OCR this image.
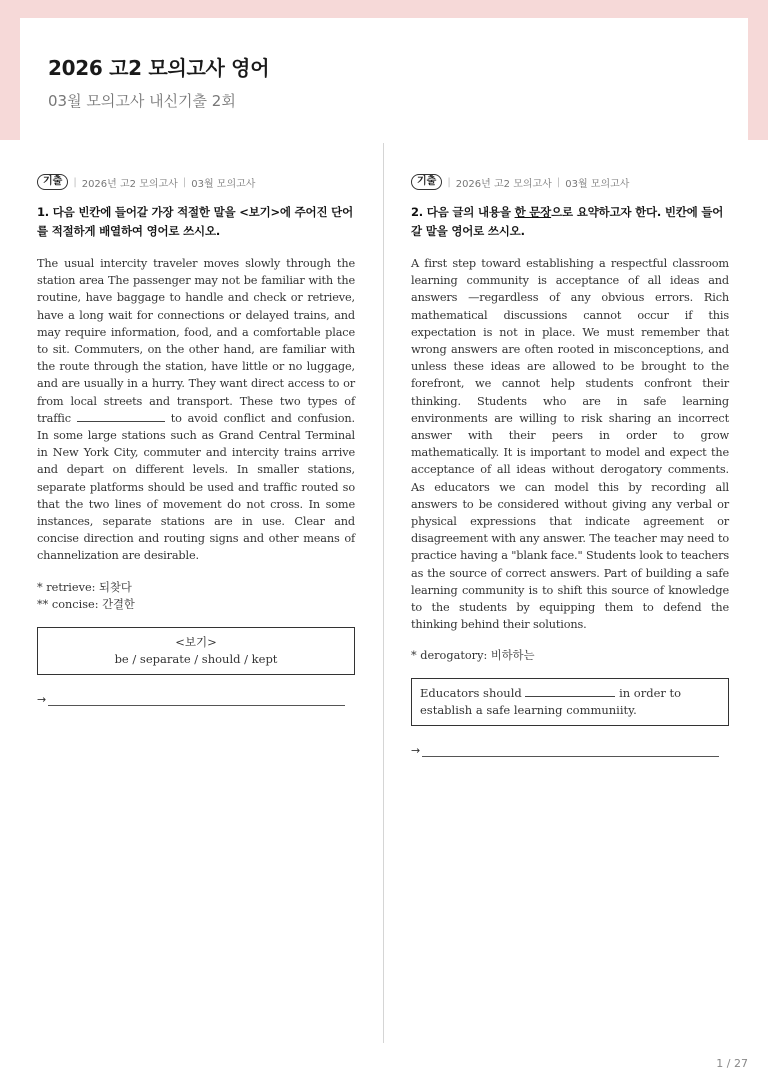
2026 고2 모의고사 영어
03월 모의고사 내신기출 2회
기출	| 2026년 고2 모의고사 | 03월 모의고사
1. 다음 빈칸에 들어갈 가장 적절한 말을 <보기>에 주어진 단어를 적절하게 배열하여 영어로 쓰시오.
The usual intercity traveler moves slowly through the station area The passenger may not be familiar with the routine, have baggage to handle and check or retrieve, have a long wait for connections or delayed trains, and may require information, food, and a comfortable place to sit. Commuters, on the other hand, are familiar with the route through the station, have little or no luggage, and are usually in a hurry. They want direct access to or from local streets and transport. These two types of traffic	to avoid conflict and confusion. In some large stations such as Grand Central Terminal in New York City, commuter and intercity trains arrive and depart on different levels. In smaller stations, separate platforms should be used and traffic routed so that the two lines of movement do not cross. In some instances, separate stations are in use. Clear and concise direction and routing signs and other means of channelization are desirable.
* retrieve: 되찾다
** concise: 간결한
<보기>
be / separate / should / kept
→
기출	| 2026년 고2 모의고사 | 03월 모의고사
2. 다음 글의 내용을 한 문장으로 요약하고자 한다. 빈칸에 들어갈 말을 영어로 쓰시오.
A first step toward establishing a respectful classroom learning community is acceptance of all ideas and answers —regardless of any obvious errors. Rich mathematical discussions cannot occur if this expectation is not in place. We must remember that wrong answers are often rooted in misconceptions, and unless these ideas are allowed to be brought to the forefront, we cannot help students confront their thinking. Students who are in safe learning environments are willing to risk sharing an incorrect answer with their peers in order to grow mathematically. It is important to model and expect the acceptance of all ideas without derogatory comments. As educators we can model this by recording all answers to be considered without giving any verbal or physical expressions that indicate agreement or disagreement with any answer. The teacher may need to practice having a "blank face." Students look to teachers as the source of correct answers. Part of building a safe learning community is to shift this source of knowledge to the students by equipping them to defend the thinking behind their solutions.
* derogatory: 비하하는
Educators should	in order to establish a safe learning communiity.
→
1 / 27
